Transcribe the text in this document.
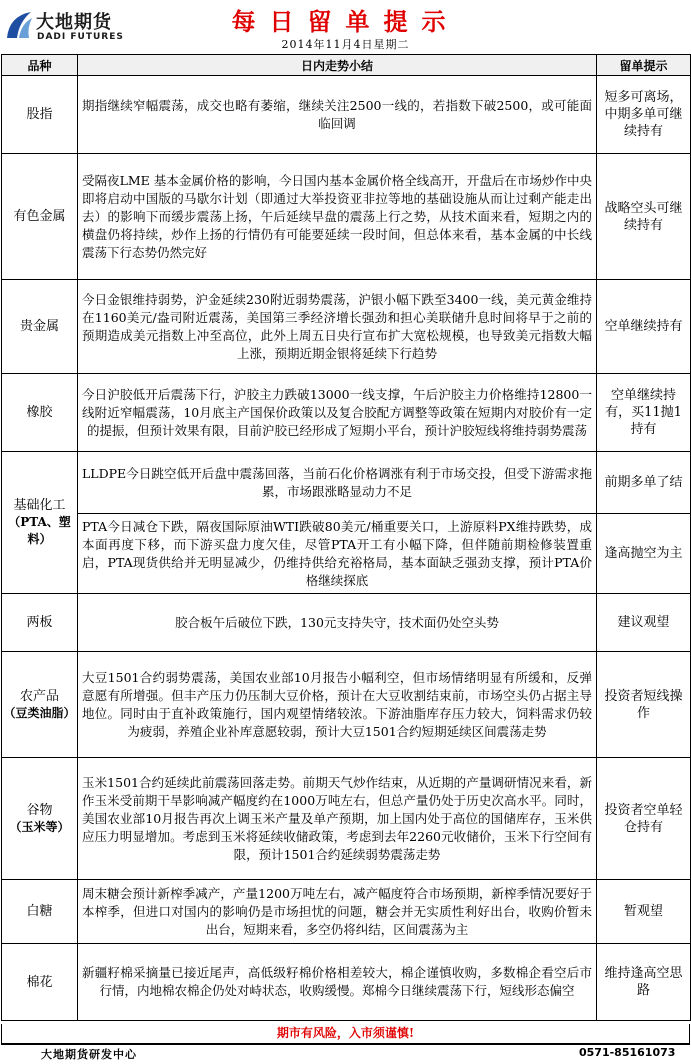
大地期货
DADI FUTURES
每日留单提示
2014年11月4日星期二
品种	日内走势小结	留单提示
股指	期指继续窄幅震荡，成交也略有萎缩，继续关注2500一线的，若指数下破2500，或可能面临回调	短多可离场，中期多单可继续持有
有色金属	受隔夜LME 基本金属价格的影响，今日国内基本金属价格全线高开，开盘后在市场炒作中央即将启动中国版的马歇尔计划（即通过大举投资亚非拉等地的基础设施从而让过剩产能走出去）的影响下而缓步震荡上扬，午后延续早盘的震荡上行之势，从技术面来看，短期之内的横盘仍将持续，炒作上扬的行情仍有可能要延续一段时间，但总体来看，基本金属的中长线震荡下行态势仍然完好	战略空头可继续持有
贵金属	今日金银维持弱势，沪金延续230附近弱势震荡，沪银小幅下跌至3400一线，美元黄金维持在1160美元/盎司附近震荡，美国第三季经济增长强劲和担心美联储升息时间将早于之前的预期造成美元指数上冲至高位，此外上周五日央行宣布扩大宽松规模，也导致美元指数大幅上涨，预期近期金银将延续下行趋势	空单继续持有
橡胶	今日沪胶低开后震荡下行，沪胶主力跌破13000一线支撑，午后沪胶主力价格维持12800一线附近窄幅震荡，10月底主产国保价政策以及复合胶配方调整等政策在短期内对胶价有一定的提振，但预计效果有限，目前沪胶已经形成了短期小平台，预计沪胶短线将维持弱势震荡	空单继续持有，买11抛1持有

基础化工
（PTA、塑料）	LLDPE今日跳空低开后盘中震荡回落，当前石化价格调涨有利于市场交投，但受下游需求拖累，市场跟涨略显动力不足	前期多单了结
	PTA今日减仓下跌，隔夜国际原油WTI跌破80美元/桶重要关口，上游原料PX维持跌势，成本面再度下移，而下游买盘力度欠佳，尽管PTA开工有小幅下降，但伴随前期检修装置重启，PTA现货供给并无明显减少，仍维持供给充裕格局，基本面缺乏强劲支撑，预计PTA价格继续探底	逢高抛空为主
两板	胶合板午后破位下跌，130元支持失守，技术面仍处空头势	建议观望

农产品
（豆类油脂）	大豆1501合约弱势震荡，美国农业部10月报告小幅利空，但市场情绪明显有所缓和，反弹意愿有所增强。但丰产压力仍压制大豆价格，预计在大豆收割结束前，市场空头仍占据主导地位。同时由于直补政策施行，国内观望情绪较浓。下游油脂库存压力较大，饲料需求仍较为疲弱，养殖企业补库意愿较弱，预计大豆1501合约短期延续区间震荡走势	投资者短线操作

谷物
（玉米等）	玉米1501合约延续此前震荡回落走势。前期天气炒作结束，从近期的产量调研情况来看，新作玉米受前期干旱影响减产幅度约在1000万吨左右，但总产量仍处于历史次高水平。同时，美国农业部10月报告再次上调玉米产量及单产预期，加上国内处于高位的国储库存，玉米供应压力明显增加。考虑到玉米将延续收储政策，考虑到去年2260元收储价，玉米下行空间有限，预计1501合约延续弱势震荡走势	投资者空单轻仓持有
白糖	周末糖会预计新榨季减产，产量1200万吨左右，减产幅度符合市场预期，新榨季情况要好于本榨季，但进口对国内的影响仍是市场担忧的问题，糖会并无实质性利好出台，收购价暂未出台，短期来看，多空仍将纠结，区间震荡为主	暂观望
棉花	新疆籽棉采摘量已接近尾声，高低级籽棉价格相差较大，棉企谨慎收购，多数棉企看空后市行情，内地棉农棉企仍处对峙状态，收购缓慢。郑棉今日继续震荡下行，短线形态偏空	维持逢高空思路
期市有风险，入市须谨慎!
大地期货研发中心	0571-85161073
